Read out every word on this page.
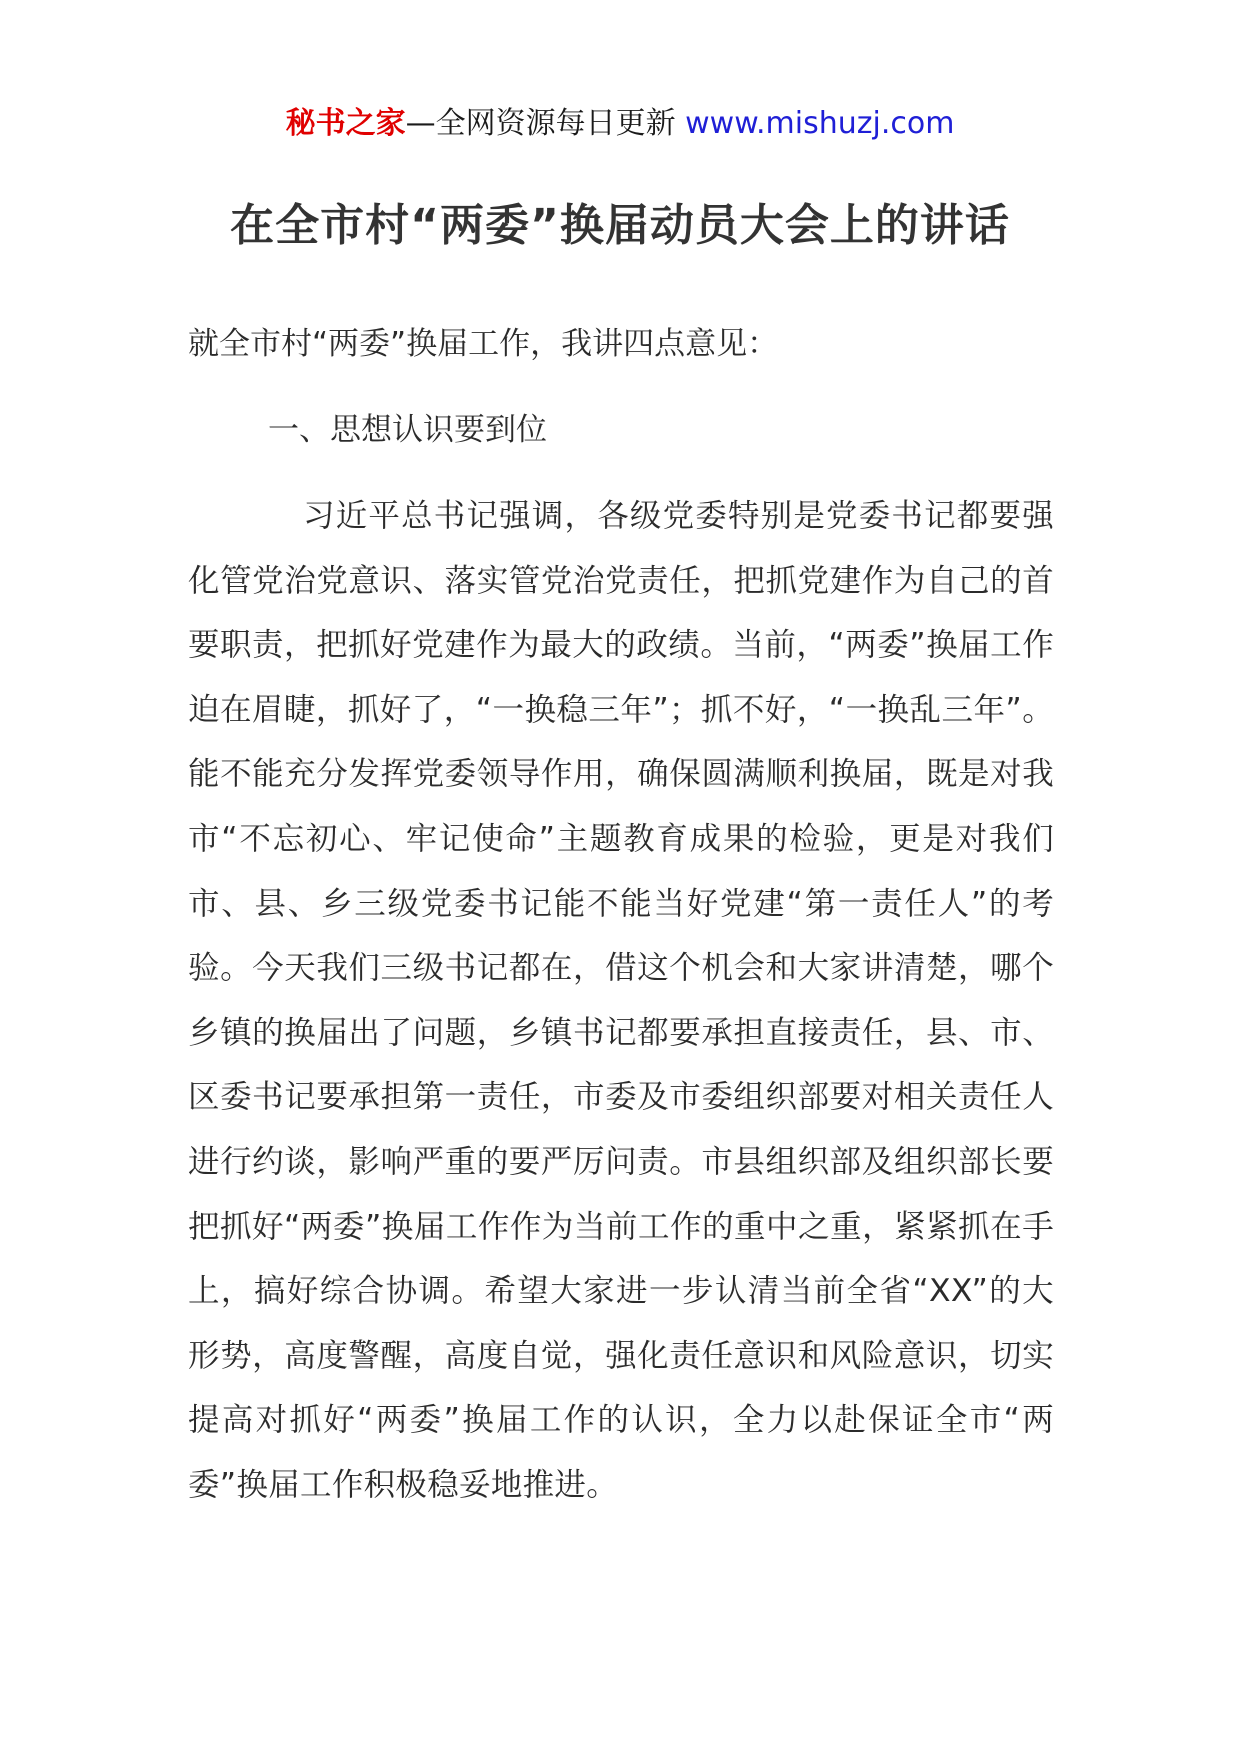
秘书之家—全网资源每日更新 www.mishuzj.com
在全市村“两委”换届动员大会上的讲话
就全市村“两委”换届工作，我讲四点意见：
一、思想认识要到位
习近平总书记强调，各级党委特别是党委书记都要强化管党治党意识、落实管党治党责任，把抓党建作为自己的首要职责，把抓好党建作为最大的政绩。当前，“两委”换届工作迫在眉睫，抓好了，“一换稳三年”；抓不好，“一换乱三年”。能不能充分发挥党委领导作用，确保圆满顺利换届，既是对我市“不忘初心、牢记使命”主题教育成果的检验，更是对我们市、县、乡三级党委书记能不能当好党建“第一责任人”的考验。今天我们三级书记都在，借这个机会和大家讲清楚，哪个乡镇的换届出了问题，乡镇书记都要承担直接责任，县、市、区委书记要承担第一责任，市委及市委组织部要对相关责任人进行约谈，影响严重的要严厉问责。市县组织部及组织部长要把抓好“两委”换届工作作为当前工作的重中之重，紧紧抓在手上，搞好综合协调。希望大家进一步认清当前全省“XX”的大形势，高度警醒，高度自觉，强化责任意识和风险意识，切实提高对抓好“两委”换届工作的认识，全力以赴保证全市“两委”换届工作积极稳妥地推进。
